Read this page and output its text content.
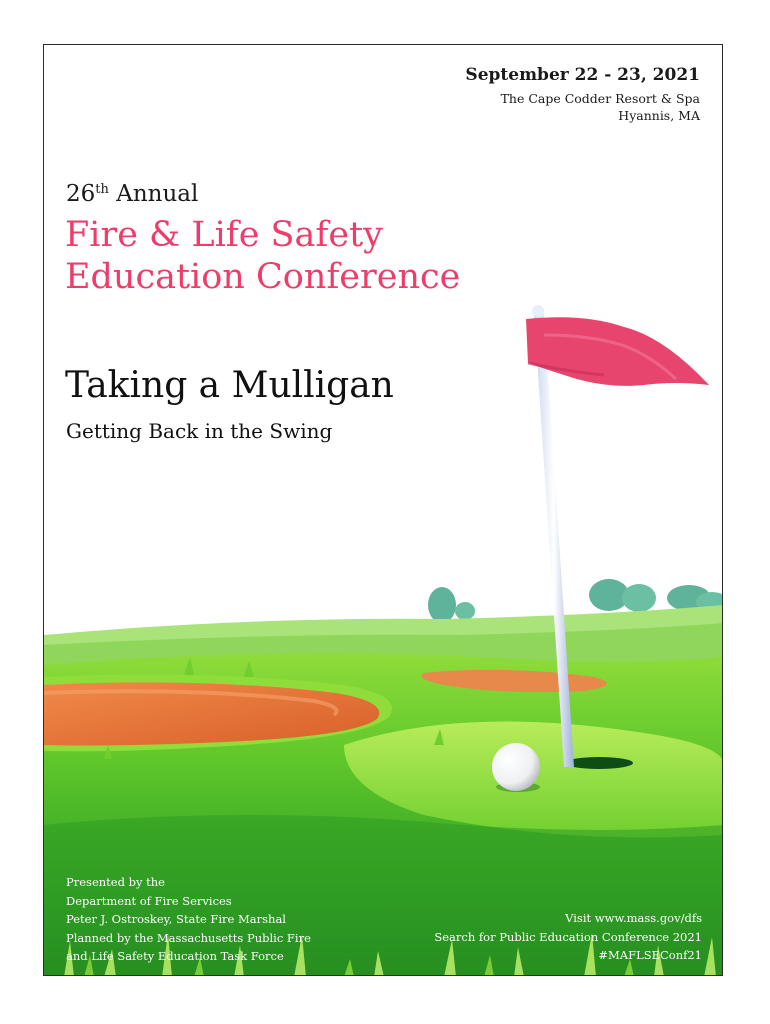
September 22 - 23, 2021

The Cape Codder Resort & Spa

Hyannis, MA

26th Annual

Fire & Life Safety
Education Conference
Taking a Mulligan

Getting Back in the Swing

Presented by the
Department of Fire Services
Peter J. Ostroskey, State Fire Marshal
Planned by the Massachusetts Public Fire
and Life Safety Education Task Force
Visit www.mass.gov/dfs
Search for Public Education Conference 2021
#MAFLSEConf21
